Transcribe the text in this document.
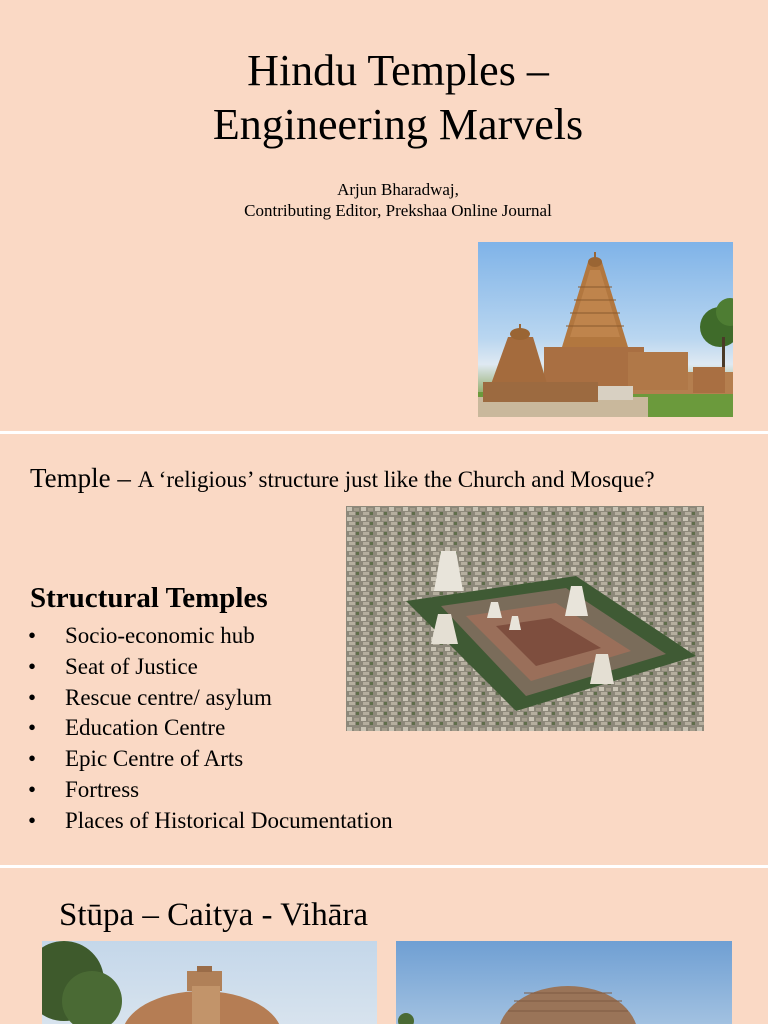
Hindu Temples –
Engineering Marvels
Arjun Bharadwaj,
Contributing Editor, Prekshaa Online Journal
Temple – A ‘religious’ structure just like the Church and Mosque?
Structural Temples
• Socio-economic hub
• Seat of Justice
• Rescue centre/ asylum
• Education Centre
• Epic Centre of Arts
• Fortress
• Places of Historical Documentation
Stūpa – Caitya - Vihāra
